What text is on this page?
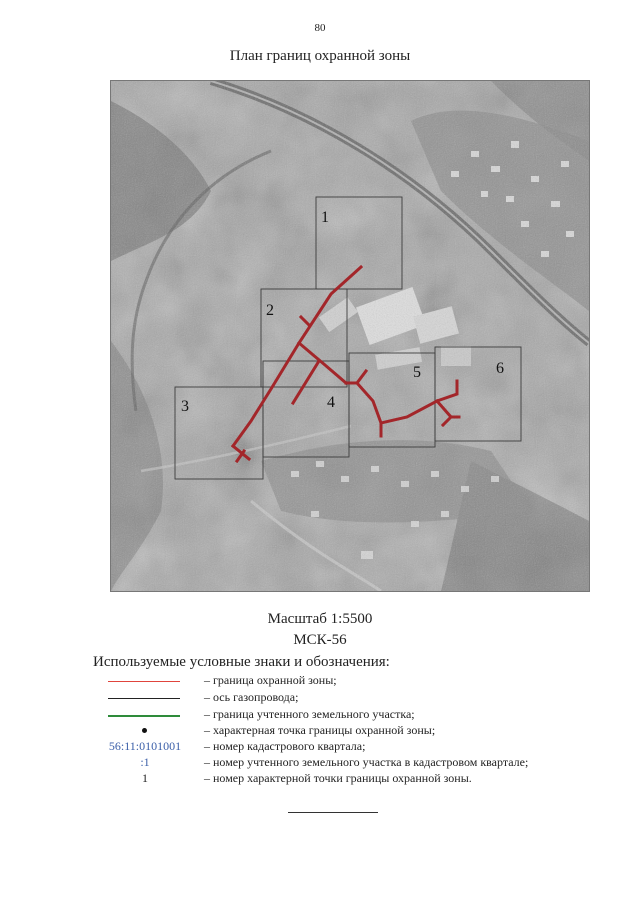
80
План границ охранной зоны
1
2
3	4
5	6
Масштаб 1:5500
МСК-56
Используемые условные знаки и обозначения:
– граница охранной зоны;
– ось газопровода;
– граница учтенного земельного участка;
– характерная точка границы охранной зоны;
56:11:0101001	– номер кадастрового квартала;
:1	– номер учтенного земельного участка в кадастровом квартале;
1	– номер характерной точки границы охранной зоны.
